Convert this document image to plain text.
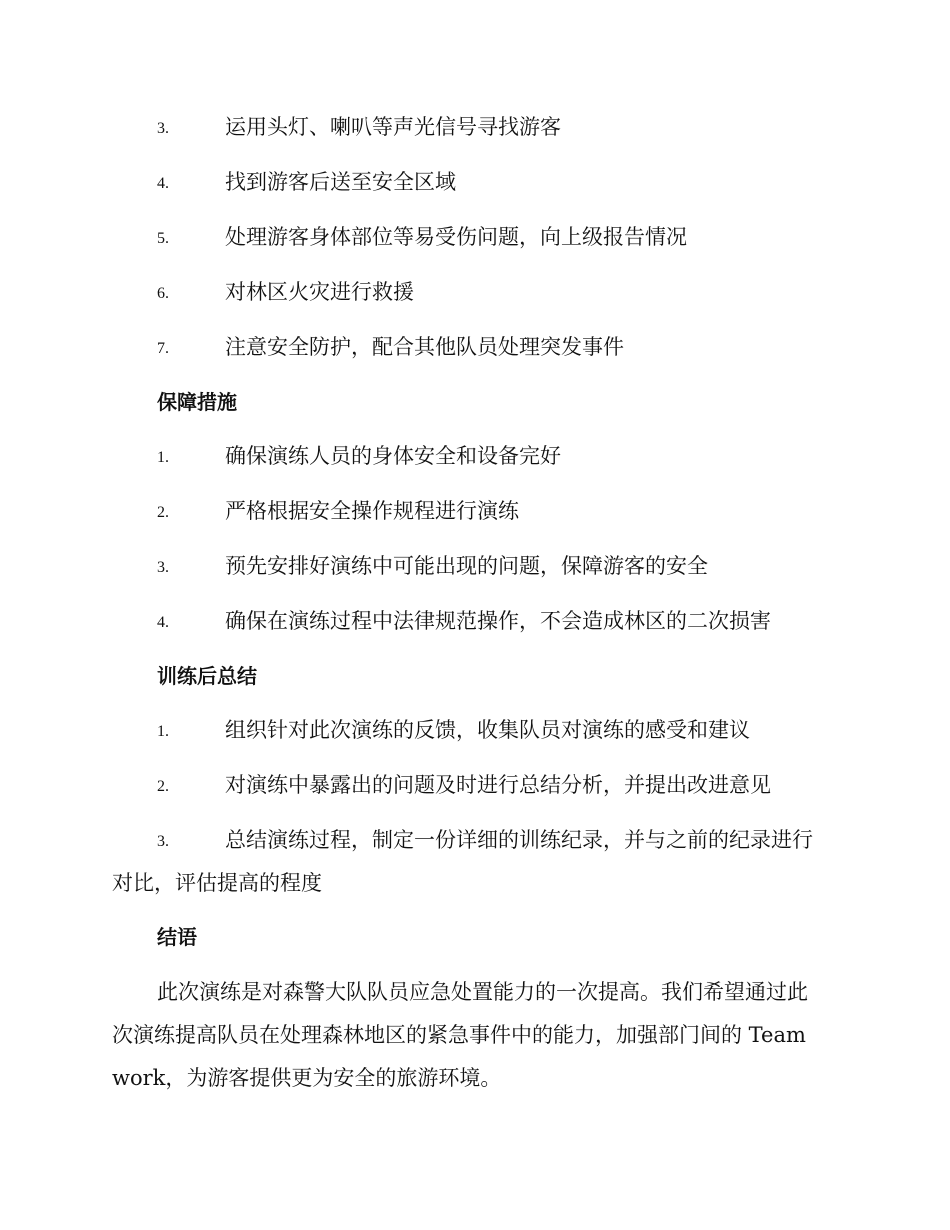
3.	运用头灯、喇叭等声光信号寻找游客
4.	找到游客后送至安全区域
5.	处理游客身体部位等易受伤问题，向上级报告情况
6.	对林区火灾进行救援
7.	注意安全防护，配合其他队员处理突发事件
保障措施
1.	确保演练人员的身体安全和设备完好
2.	严格根据安全操作规程进行演练
3.	预先安排好演练中可能出现的问题，保障游客的安全
4.	确保在演练过程中法律规范操作，不会造成林区的二次损害
训练后总结
1.	组织针对此次演练的反馈，收集队员对演练的感受和建议
2.	对演练中暴露出的问题及时进行总结分析，并提出改进意见
3.	总结演练过程，制定一份详细的训练纪录，并与之前的纪录进行
对比，评估提高的程度
结语
此次演练是对森警大队队员应急处置能力的一次提高。我们希望通过此
次演练提高队员在处理森林地区的紧急事件中的能力，加强部门间的 Team
work，为游客提供更为安全的旅游环境。
